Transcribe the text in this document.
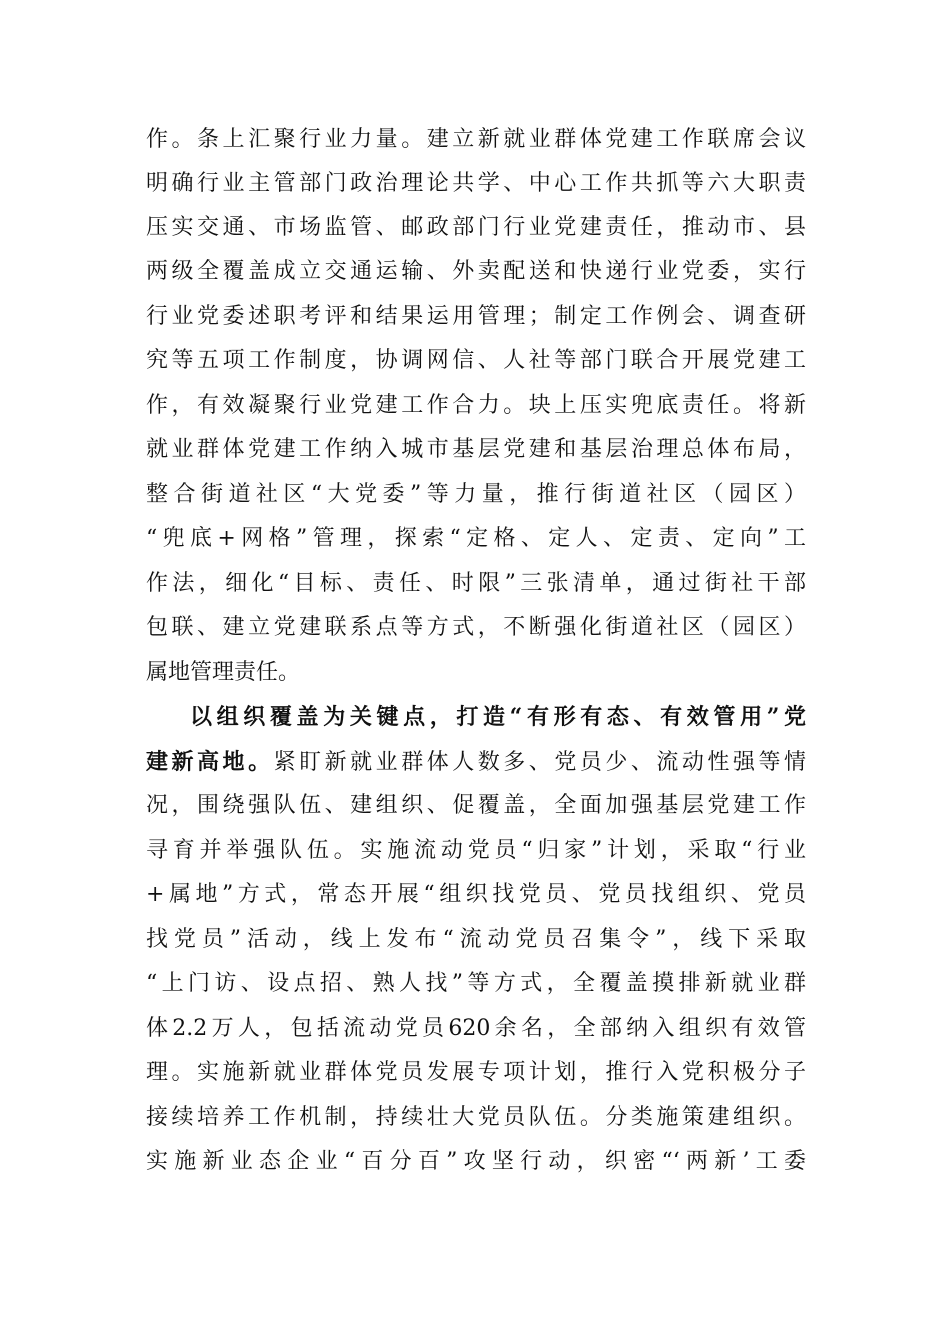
作。条上汇聚行业力量。建立新就业群体党建工作联席会议
明确行业主管部门政治理论共学、中心工作共抓等六大职责
压实交通、市场监管、邮政部门行业党建责任，推动市、县
两级全覆盖成立交通运输、外卖配送和快递行业党委，实行
行业党委述职考评和结果运用管理；制定工作例会、调查研
究等五项工作制度，协调网信、人社等部门联合开展党建工
作，有效凝聚行业党建工作合力。块上压实兜底责任。将新
就业群体党建工作纳入城市基层党建和基层治理总体布局，
整合街道社区“大党委”等力量，推行街道社区（园区）
“兜底+网格”管理，探索“定格、定人、定责、定向”工
作法，细化“目标、责任、时限”三张清单，通过街社干部
包联、建立党建联系点等方式，不断强化街道社区（园区）
属地管理责任。
以组织覆盖为关键点，打造“有形有态、有效管用”党
建新高地。紧盯新就业群体人数多、党员少、流动性强等情
况，围绕强队伍、建组织、促覆盖，全面加强基层党建工作
寻育并举强队伍。实施流动党员“归家”计划，采取“行业
+属地”方式，常态开展“组织找党员、党员找组织、党员
找党员”活动，线上发布“流动党员召集令”，线下采取
“上门访、设点招、熟人找”等方式，全覆盖摸排新就业群
体2.2万人，包括流动党员620余名，全部纳入组织有效管
理。实施新就业群体党员发展专项计划，推行入党积极分子
接续培养工作机制，持续壮大党员队伍。分类施策建组织。
实施新业态企业“百分百”攻坚行动，织密“‘两新’工委
